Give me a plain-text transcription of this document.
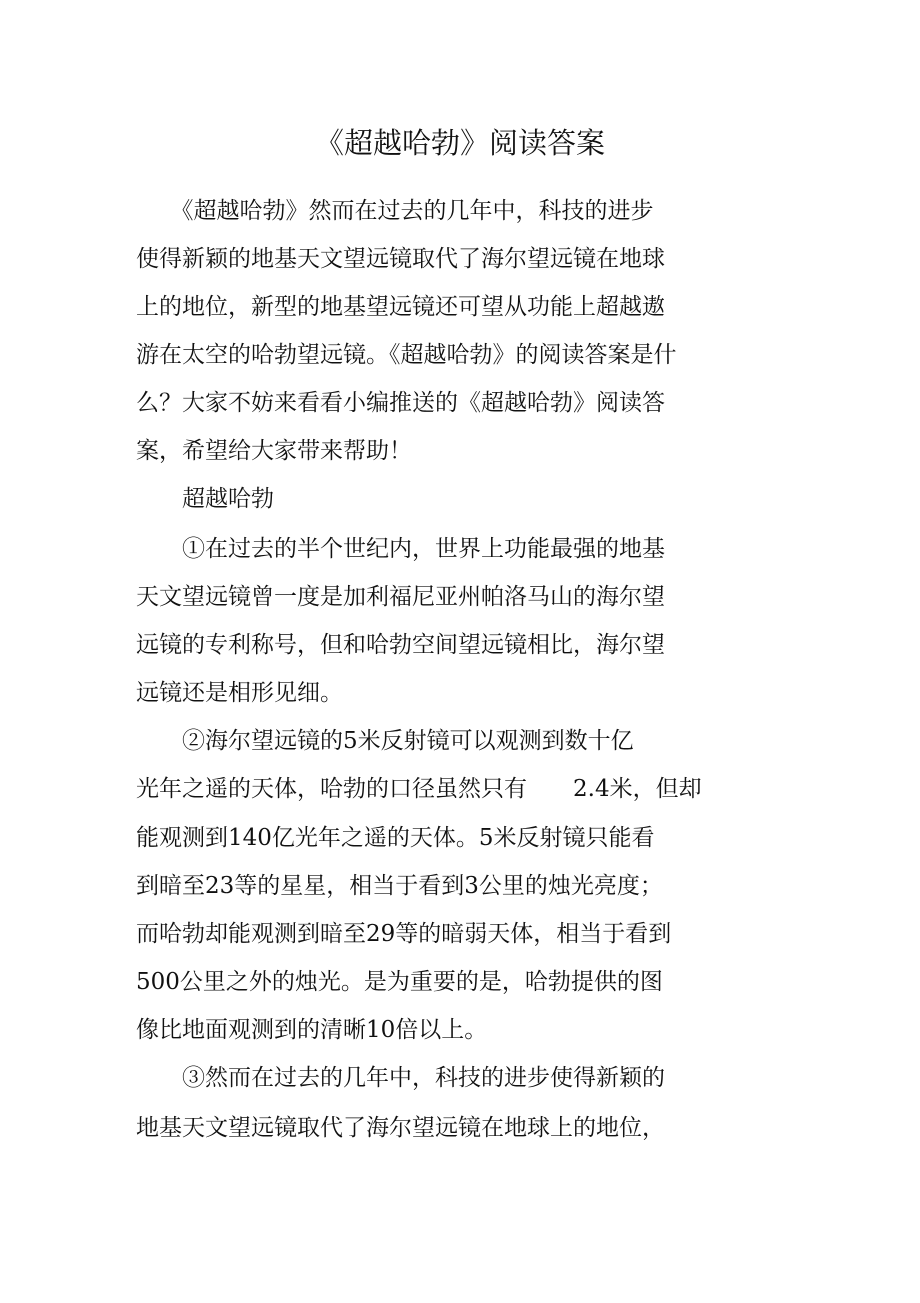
《超越哈勃》阅读答案
　　《超越哈勃》然而在过去的几年中，科技的进步
使得新颖的地基天文望远镜取代了海尔望远镜在地球
上的地位，新型的地基望远镜还可望从功能上超越遨
游在太空的哈勃望远镜。《超越哈勃》的阅读答案是什
么？大家不妨来看看小编推送的《超越哈勃》阅读答
案，希望给大家带来帮助！
　　超越哈勃
　　①在过去的半个世纪内，世界上功能最强的地基
天文望远镜曾一度是加利福尼亚州帕洛马山的海尔望
远镜的专利称号，但和哈勃空间望远镜相比，海尔望
远镜还是相形见细。
　　②海尔望远镜的5米反射镜可以观测到数十亿
光年之遥的天体，哈勃的口径虽然只有　　2.4米，但却
能观测到140亿光年之遥的天体。5米反射镜只能看
到暗至23等的星星，相当于看到3公里的烛光亮度；
而哈勃却能观测到暗至29等的暗弱天体，相当于看到
500公里之外的烛光。是为重要的是，哈勃提供的图
像比地面观测到的清晰10倍以上。
　　③然而在过去的几年中，科技的进步使得新颖的
地基天文望远镜取代了海尔望远镜在地球上的地位，
